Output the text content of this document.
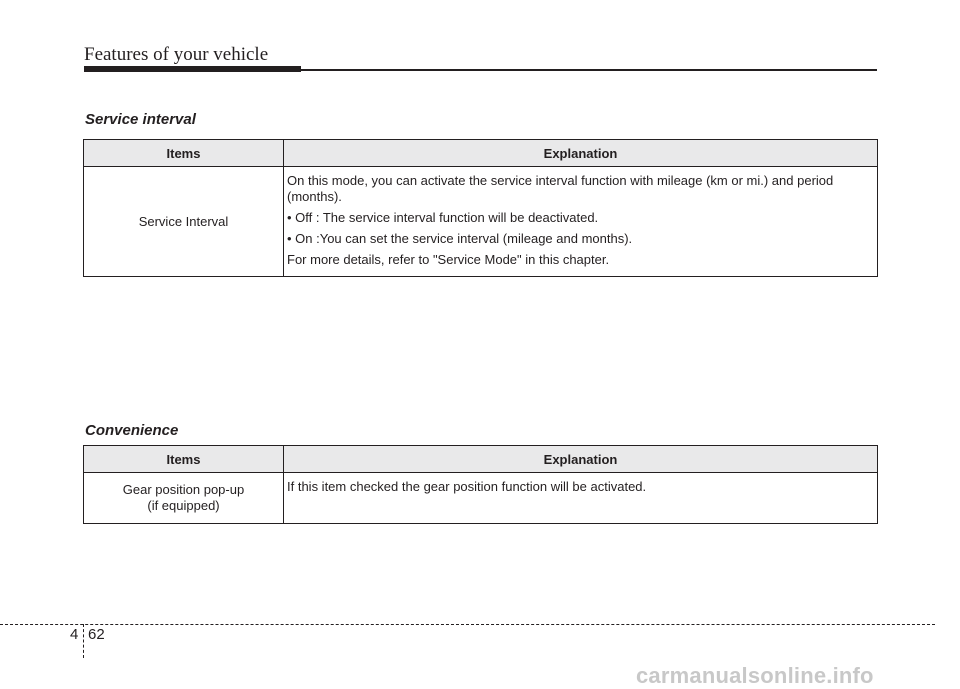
Features of your vehicle
Service interval
Items	Explanation
Service Interval	On this mode, you can activate the service interval function with mileage (km or mi.) and period (months).

• Off : The service interval function will be deactivated.

• On :You can set the service interval (mileage and months).

For more details, refer to "Service Mode" in this chapter.

Convenience
Items	Explanation

Gear position pop-up
(if equipped)	If this item checked the gear position function will be activated.
4 62
carmanualsonline.info
